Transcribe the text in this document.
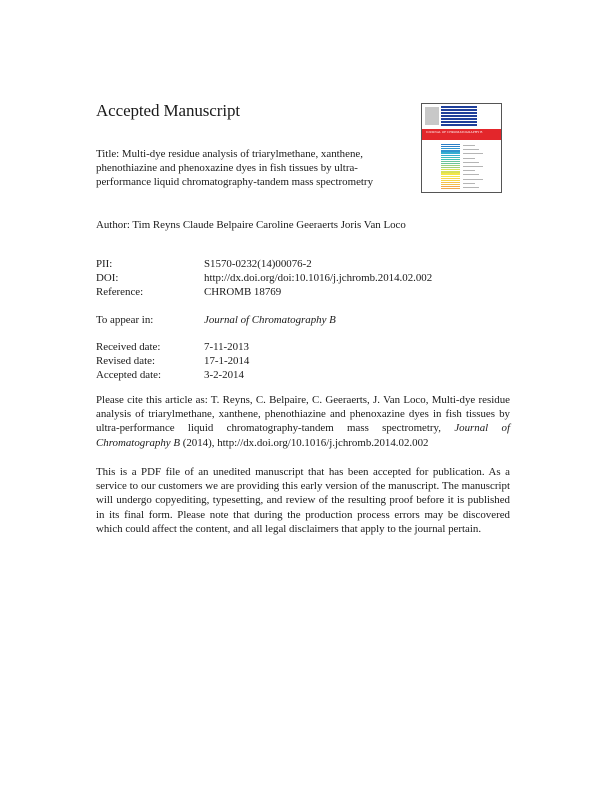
Accepted Manuscript
Title: Multi-dye residue analysis of triarylmethane, xanthene, phenothiazine and phenoxazine dyes in fish tissues by ultra-performance liquid chromatography-tandem mass spectrometry
Author: Tim Reyns Claude Belpaire Caroline Geeraerts Joris Van Loco
PII:	S1570-0232(14)00076-2
DOI:	http://dx.doi.org/doi:10.1016/j.jchromb.2014.02.002
Reference:	CHROMB 18769
To appear in:	Journal of Chromatography B
Received date:	7-11-2013
Revised date:	17-1-2014
Accepted date:	3-2-2014
Please cite this article as: T. Reyns, C. Belpaire, C. Geeraerts, J. Van Loco, Multi-dye residue analysis of triarylmethane, xanthene, phenothiazine and phenoxazine dyes in fish tissues by ultra-performance liquid chromatography-tandem mass spectrometry, Journal of Chromatography B (2014), http://dx.doi.org/10.1016/j.jchromb.2014.02.002
This is a PDF file of an unedited manuscript that has been accepted for publication. As a service to our customers we are providing this early version of the manuscript. The manuscript will undergo copyediting, typesetting, and review of the resulting proof before it is published in its final form. Please note that during the production process errors may be discovered which could affect the content, and all legal disclaimers that apply to the journal pertain.
JOURNAL OF CHROMATOGRAPHY B
